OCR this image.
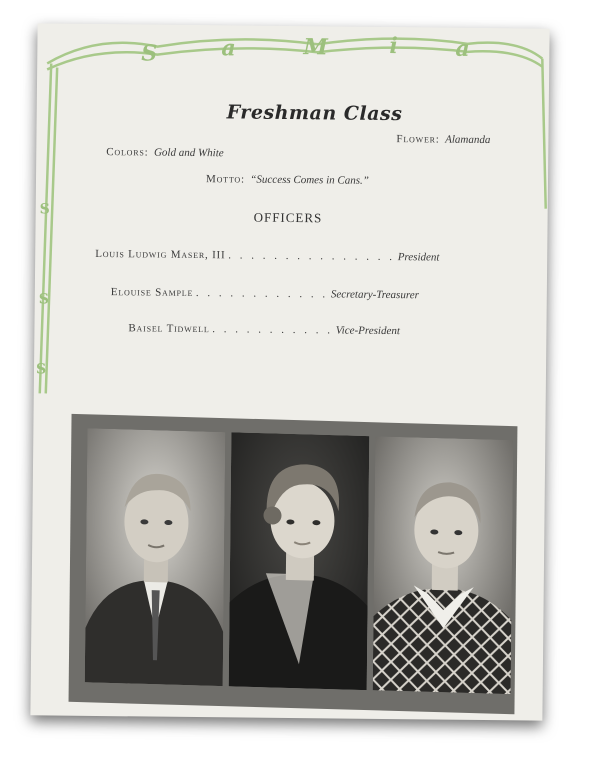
S	a	M	i	a
S
S
S
Freshman Class
Colors: Gold and White
Flower: Alamanda
Motto: “Success Comes in Cans.”
OFFICERS
Louis Ludwig Maser, III . . . . . . . . . . . . . . . President
Elouise Sample . . . . . . . . . . . . Secretary-Treasurer
Baisel Tidwell . . . . . . . . . . . Vice-President
